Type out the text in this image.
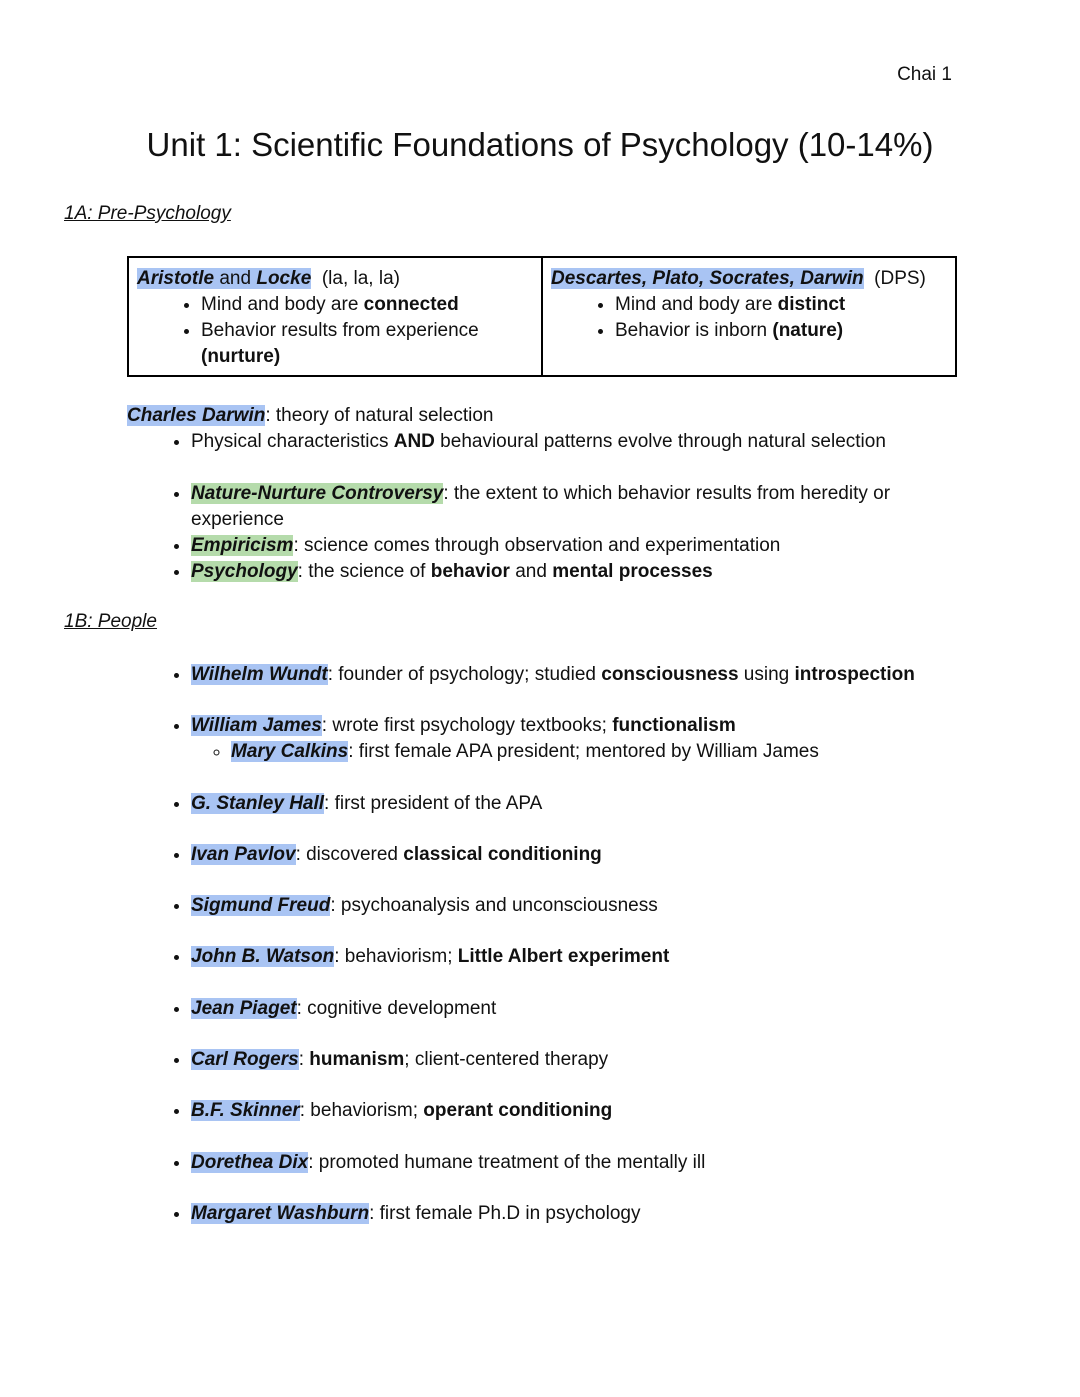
Chai 1
Unit 1: Scientific Foundations of Psychology (10-14%)
1A: Pre-Psychology
Aristotle and Locke  (la, la, la)
• Mind and body are connected
• Behavior results from experience (nurture)
Descartes, Plato, Socrates, Darwin  (DPS)
• Mind and body are distinct
• Behavior is inborn (nature)
Charles Darwin: theory of natural selection
• Physical characteristics AND behavioural patterns evolve through natural selection
• Nature-Nurture Controversy: the extent to which behavior results from heredity or experience
• Empiricism: science comes through observation and experimentation
• Psychology: the science of behavior and mental processes
1B: People
• Wilhelm Wundt: founder of psychology; studied consciousness using introspection
• William James: wrote first psychology textbooks; functionalism
◦ Mary Calkins: first female APA president; mentored by William James
• G. Stanley Hall: first president of the APA
• Ivan Pavlov: discovered classical conditioning
• Sigmund Freud: psychoanalysis and unconsciousness
• John B. Watson: behaviorism; Little Albert experiment
• Jean Piaget: cognitive development
• Carl Rogers: humanism; client-centered therapy
• B.F. Skinner: behaviorism; operant conditioning
• Dorethea Dix: promoted humane treatment of the mentally ill
• Margaret Washburn: first female Ph.D in psychology
